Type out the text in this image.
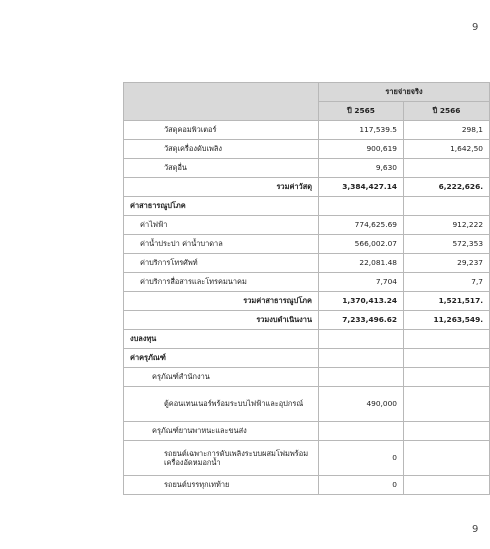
9
	รายจ่ายจริง	
	ปี 2565	ปี 2566
วัสดุคอมพิวเตอร์	117,539.5	298,1
วัสดุเครื่องดับเพลิง	900,619	1,642,50
วัสดุอื่น	9,630	
รวมค่าวัสดุ	3,384,427.14	6,222,626.
ค่าสาธารณูปโภค		
ค่าไฟฟ้า	774,625.69	912,222
ค่าน้ำประปา ค่าน้ำบาดาล	566,002.07	572,353
ค่าบริการโทรศัพท์	22,081.48	29,237
ค่าบริการสื่อสารและโทรคมนาคม	7,704	7,7
รวมค่าสาธารณูปโภค	1,370,413.24	1,521,517.
รวมงบดำเนินงาน	7,233,496.62	11,263,549.
งบลงทุน		
ค่าครุภัณฑ์		
ครุภัณฑ์สำนักงาน		
ตู้คอนเทนเนอร์พร้อมระบบไฟฟ้าและอุปกรณ์	490,000	
ครุภัณฑ์ยานพาหนะและขนส่ง		
รถยนต์เฉพาะการดับเพลิงระบบผสมโฟมพร้อมเครื่องอัดหมอกน้ำ	0	
รถยนต์บรรทุกเทท้าย	0	
9
